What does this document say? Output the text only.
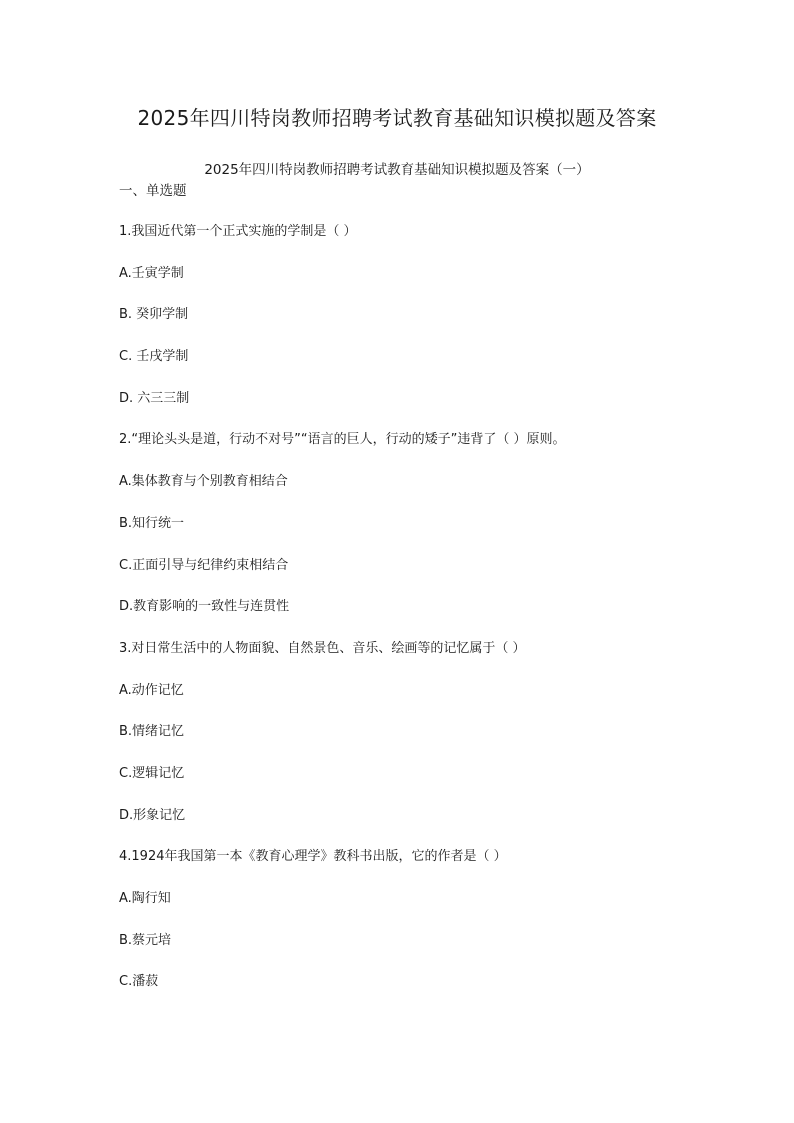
2025年四川特岗教师招聘考试教育基础知识模拟题及答案
2025年四川特岗教师招聘考试教育基础知识模拟题及答案（一）
一、单选题
1.我国近代第一个正式实施的学制是（ ）
A.壬寅学制
B. 癸卯学制
C. 壬戌学制
D. 六三三制
2.“理论头头是道，行动不对号”“语言的巨人，行动的矮子”违背了（ ）原则。
A.集体教育与个别教育相结合
B.知行统一
C.正面引导与纪律约束相结合
D.教育影响的一致性与连贯性
3.对日常生活中的人物面貌、自然景色、音乐、绘画等的记忆属于（ ）
A.动作记忆
B.情绪记忆
C.逻辑记忆
D.形象记忆
4.1924年我国第一本《教育心理学》教科书出版，它的作者是（ ）
A.陶行知
B.蔡元培
C.潘菽
